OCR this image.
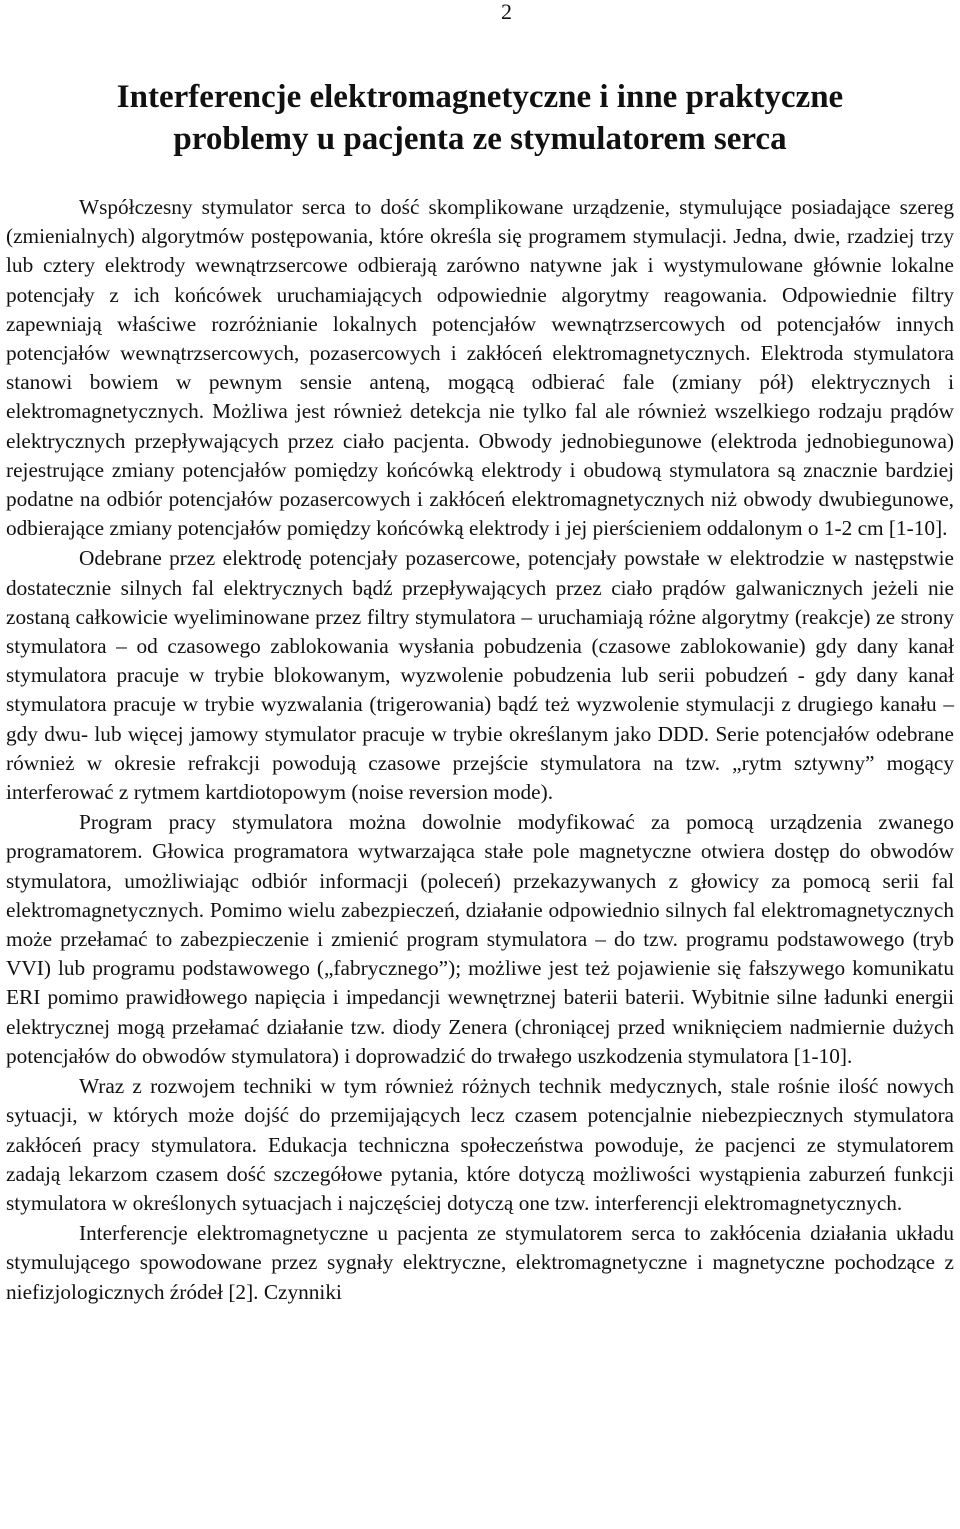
2
Interferencje elektromagnetyczne i inne praktyczne
problemy u pacjenta ze stymulatorem serca

Współczesny stymulator serca to dość skomplikowane urządzenie, stymulujące posiadające szereg (zmienialnych) algorytmów postępowania, które określa się programem stymulacji. Jedna, dwie, rzadziej trzy lub cztery elektrody wewnątrzsercowe odbierają zarówno natywne jak i wystymulowane głównie lokalne potencjały z ich końcówek uruchamiających odpowiednie algorytmy reagowania. Odpowiednie filtry zapewniają właściwe rozróżnianie lokalnych potencjałów wewnątrzsercowych od potencjałów innych potencjałów wewnątrzsercowych, pozasercowych i zakłóceń elektromagnetycznych. Elektroda stymulatora stanowi bowiem w pewnym sensie anteną, mogącą odbierać fale (zmiany pół) elektrycznych i elektromagnetycznych. Możliwa jest również detekcja nie tylko fal ale również wszelkiego rodzaju prądów elektrycznych przepływających przez ciało pacjenta. Obwody jednobiegunowe (elektroda jednobiegunowa) rejestrujące zmiany potencjałów pomiędzy końcówką elektrody i obudową stymulatora są znacznie bardziej podatne na odbiór potencjałów pozasercowych i zakłóceń elektromagnetycznych niż obwody dwubiegunowe, odbierające zmiany potencjałów pomiędzy końcówką elektrody i jej pierścieniem oddalonym o 1-2 cm [1-10].

Odebrane przez elektrodę potencjały pozasercowe, potencjały powstałe w elektrodzie w następstwie dostatecznie silnych fal elektrycznych bądź przepływających przez ciało prądów galwanicznych jeżeli nie zostaną całkowicie wyeliminowane przez filtry stymulatora – uruchamiają różne algorytmy (reakcje) ze strony stymulatora – od czasowego zablokowania wysłania pobudzenia (czasowe zablokowanie) gdy dany kanał stymulatora pracuje w trybie blokowanym, wyzwolenie pobudzenia lub serii pobudzeń - gdy dany kanał stymulatora pracuje w trybie wyzwalania (trigerowania) bądź też wyzwolenie stymulacji z drugiego kanału – gdy dwu- lub więcej jamowy stymulator pracuje w trybie określanym jako DDD. Serie potencjałów odebrane również w okresie refrakcji powodują czasowe przejście stymulatora na tzw. „rytm sztywny” mogący interferować z rytmem kartdiotopowym (noise reversion mode).

Program pracy stymulatora można dowolnie modyfikować za pomocą urządzenia zwanego programatorem. Głowica programatora wytwarzająca stałe pole magnetyczne otwiera dostęp do obwodów stymulatora, umożliwiając odbiór informacji (poleceń) przekazywanych z głowicy za pomocą serii fal elektromagnetycznych. Pomimo wielu zabezpieczeń, działanie odpowiednio silnych fal elektromagnetycznych może przełamać to zabezpieczenie i zmienić program stymulatora – do tzw. programu podstawowego (tryb VVI) lub programu podstawowego („fabrycznego”); możliwe jest też pojawienie się fałszywego komunikatu ERI pomimo prawidłowego napięcia i impedancji wewnętrznej baterii baterii. Wybitnie silne ładunki energii elektrycznej mogą przełamać działanie tzw. diody Zenera (chroniącej przed wniknięciem nadmiernie dużych potencjałów do obwodów stymulatora) i doprowadzić do trwałego uszkodzenia stymulatora [1-10].

Wraz z rozwojem techniki w tym również różnych technik medycznych, stale rośnie ilość nowych sytuacji, w których może dojść do przemijających lecz czasem potencjalnie niebezpiecznych stymulatora zakłóceń pracy stymulatora. Edukacja techniczna społeczeństwa powoduje, że pacjenci ze stymulatorem zadają lekarzom czasem dość szczegółowe pytania, które dotyczą możliwości wystąpienia zaburzeń funkcji stymulatora w określonych sytuacjach i najczęściej dotyczą one tzw. interferencji elektromagnetycznych.

Interferencje elektromagnetyczne u pacjenta ze stymulatorem serca to zakłócenia działania układu stymulującego spowodowane przez sygnały elektryczne, elektromagnetyczne i magnetyczne pochodzące z niefizjologicznych źródeł [2]. Czynniki
